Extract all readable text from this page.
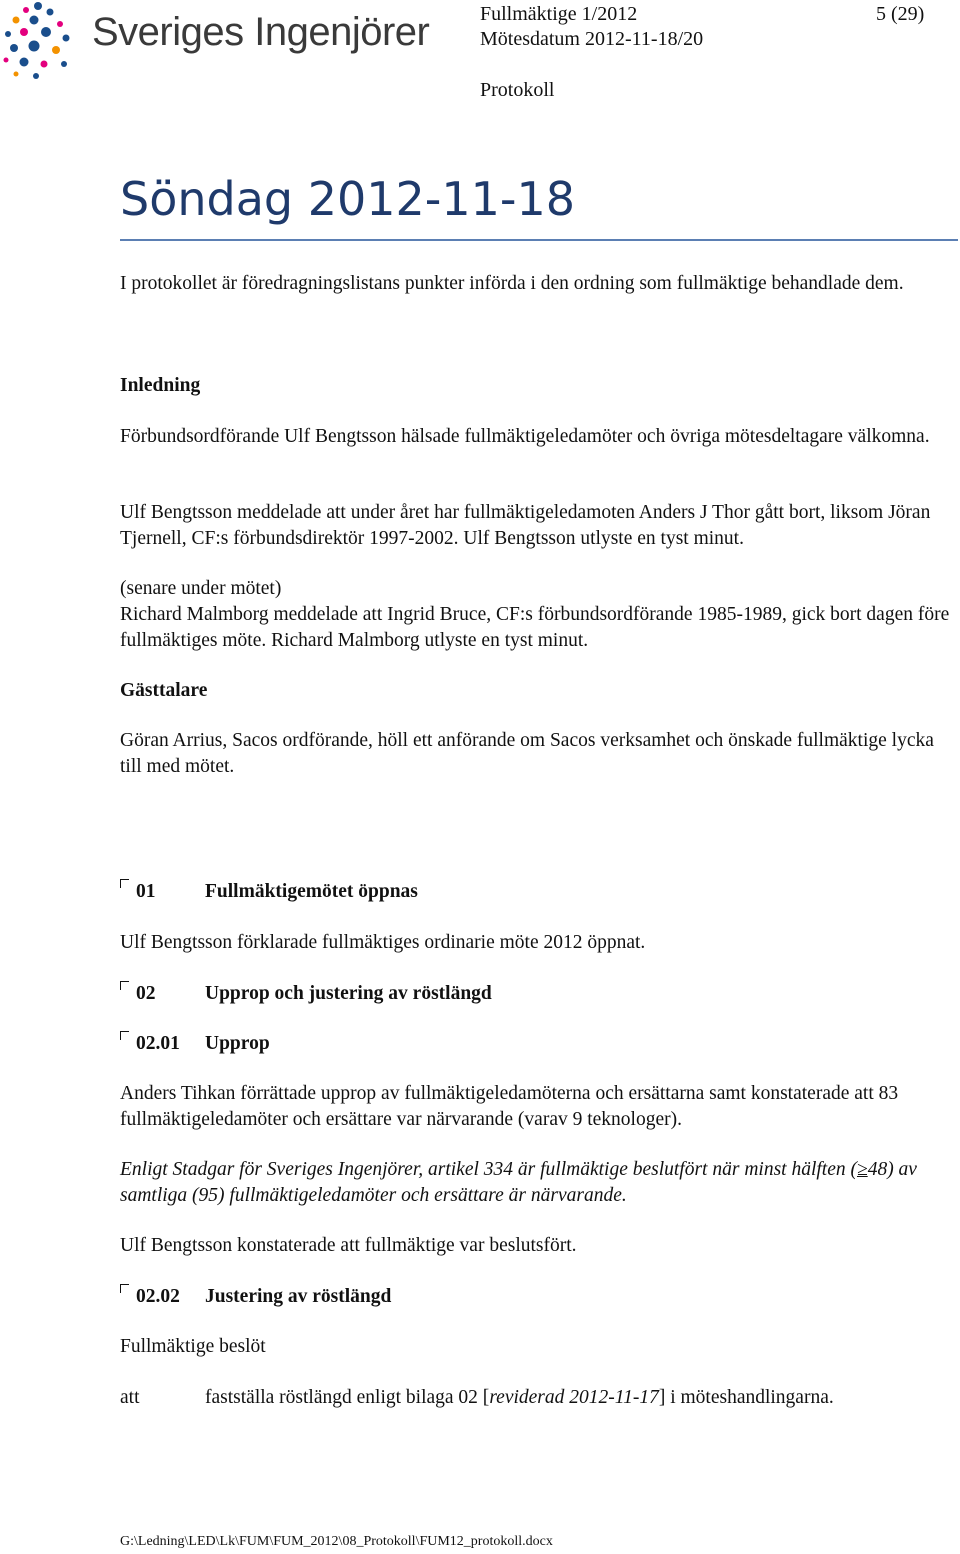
Sveriges Ingenjörer	Fullmäktige 1/2012	5 (29)
Mötesdatum 2012-11-18/20
Protokoll
Söndag 2012-11-18
I protokollet är föredragningslistans punkter införda i den ordning som fullmäktige behandlade dem.
Inledning
Förbundsordförande Ulf Bengtsson hälsade fullmäktigeledamöter och övriga mötesdeltagare välkomna.
Ulf Bengtsson meddelade att under året har fullmäktigeledamoten Anders J Thor gått bort, liksom Jöran Tjernell, CF:s förbundsdirektör 1997-2002. Ulf Bengtsson utlyste en tyst minut.
(senare under mötet)
Richard Malmborg meddelade att Ingrid Bruce, CF:s förbundsordförande 1985-1989, gick bort dagen före fullmäktiges möte. Richard Malmborg utlyste en tyst minut.
Gästtalare
Göran Arrius, Sacos ordförande, höll ett anförande om Sacos verksamhet och önskade fullmäktige lycka till med mötet.
01	Fullmäktigemötet öppnas
Ulf Bengtsson förklarade fullmäktiges ordinarie möte 2012 öppnat.
02	Upprop och justering av röstlängd
02.01 Upprop
Anders Tihkan förrättade upprop av fullmäktigeledamöterna och ersättarna samt konstaterade att 83 fullmäktigeledamöter och ersättare var närvarande (varav 9 teknologer).
Enligt Stadgar för Sveriges Ingenjörer, artikel 334 är fullmäktige beslutfört när minst hälften (≥48) av samtliga (95) fullmäktigeledamöter och ersättare är närvarande.
Ulf Bengtsson konstaterade att fullmäktige var beslutsfört.
02.02 Justering av röstlängd
Fullmäktige beslöt
att	fastställa röstlängd enligt bilaga 02 [reviderad 2012-11-17] i möteshandlingarna.
G:\Ledning\LED\Lk\FUM\FUM_2012\08_Protokoll\FUM12_protokoll.docx
